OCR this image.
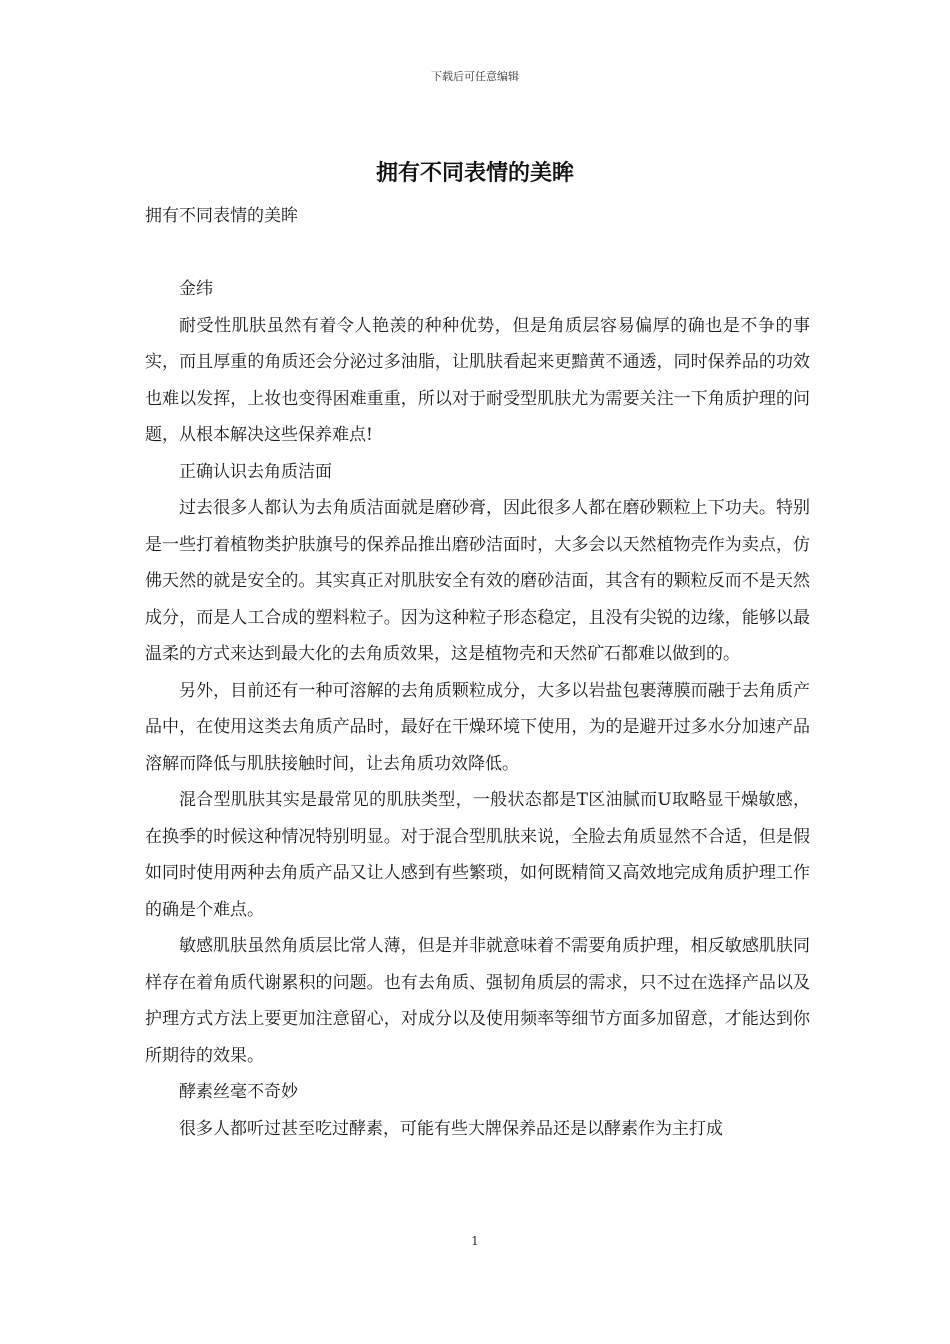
下载后可任意编辑
拥有不同表情的美眸

拥有不同表情的美眸

金纬

耐受性肌肤虽然有着令人艳羡的种种优势，但是角质层容易偏厚的确也是不争的事实，而且厚重的角质还会分泌过多油脂，让肌肤看起来更黯黄不通透，同时保养品的功效也难以发挥，上妆也变得困难重重，所以对于耐受型肌肤尤为需要关注一下角质护理的问题，从根本解决这些保养难点!

正确认识去角质洁面

过去很多人都认为去角质洁面就是磨砂膏，因此很多人都在磨砂颗粒上下功夫。特别是一些打着植物类护肤旗号的保养品推出磨砂洁面时，大多会以天然植物壳作为卖点，仿佛天然的就是安全的。其实真正对肌肤安全有效的磨砂洁面，其含有的颗粒反而不是天然成分，而是人工合成的塑料粒子。因为这种粒子形态稳定，且没有尖锐的边缘，能够以最温柔的方式来达到最大化的去角质效果，这是植物壳和天然矿石都难以做到的。

另外，目前还有一种可溶解的去角质颗粒成分，大多以岩盐包裹薄膜而融于去角质产品中，在使用这类去角质产品时，最好在干燥环境下使用，为的是避开过多水分加速产品溶解而降低与肌肤接触时间，让去角质功效降低。

混合型肌肤其实是最常见的肌肤类型，一般状态都是T区油腻而U取略显干燥敏感，在换季的时候这种情况特别明显。对于混合型肌肤来说，全脸去角质显然不合适，但是假如同时使用两种去角质产品又让人感到有些繁琐，如何既精简又高效地完成角质护理工作的确是个难点。

敏感肌肤虽然角质层比常人薄，但是并非就意味着不需要角质护理，相反敏感肌肤同样存在着角质代谢累积的问题。也有去角质、强韧角质层的需求，只不过在选择产品以及护理方式方法上要更加注意留心，对成分以及使用频率等细节方面多加留意，才能达到你所期待的效果。

酵素丝毫不奇妙

很多人都听过甚至吃过酵素，可能有些大牌保养品还是以酵素作为主打成

1
